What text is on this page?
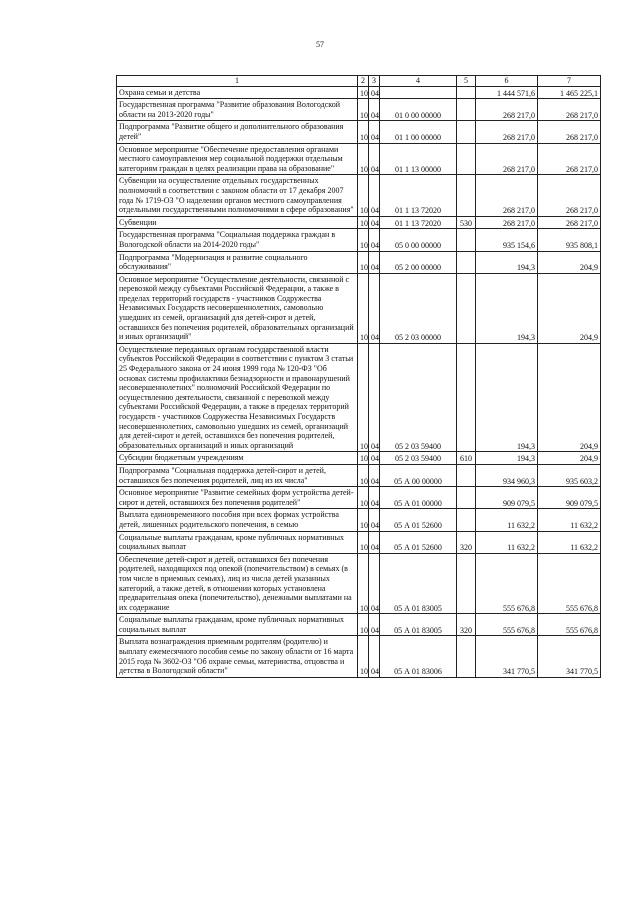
57
1	2	3	4	5	6	7
Охрана семьи и детства	10	04			1 444 571,6	1 465 225,1
Государственная программа "Развитие образования Вологодской области на 2013-2020 годы"	10	04	01 0 00 00000		268 217,0	268 217,0
Подпрограмма "Развитие общего и дополнительного образования детей"	10	04	01 1 00 00000		268 217,0	268 217,0
Основное мероприятие "Обеспечение предоставления органами местного самоуправления мер социальной поддержки отдельным категориям граждан в целях реализации права на образование"	10	04	01 1 13 00000		268 217,0	268 217,0
Субвенции на осуществление отдельных государственных полномочий в соответствии с законом области от 17 декабря 2007 года № 1719-ОЗ "О наделении органов местного самоуправления отдельными государственными полномочиями в сфере образования"	10	04	01 1 13 72020		268 217,0	268 217,0
Субвенции	10	04	01 1 13 72020	530	268 217,0	268 217,0
Государственная программа "Социальная поддержка граждан в Вологодской области на 2014-2020 годы"	10	04	05 0 00 00000		935 154,6	935 808,1
Подпрограмма "Модернизация и развитие социального обслуживания"	10	04	05 2 00 00000		194,3	204,9
Основное мероприятие "Осуществление деятельности, связанной с перевозкой между субъектами Российской Федерации, а также в пределах территорий государств - участников Содружества Независимых Государств несовершеннолетних, самовольно ушедших из семей, организаций для детей-сирот и детей, оставшихся без попечения родителей, образовательных организаций и иных организаций"	10	04	05 2 03 00000		194,3	204,9
Осуществление переданных органам государственной власти субъектов Российской Федерации в соответствии с пунктом 3 статьи 25 Федерального закона от 24 июня 1999 года № 120-ФЗ "Об основах системы профилактики безнадзорности и правонарушений несовершеннолетних" полномочий Российской Федерации по осуществлению деятельности, связанной с перевозкой между субъектами Российской Федерации, а также в пределах территорий государств - участников Содружества Независимых Государств несовершеннолетних, самовольно ушедших из семей, организаций для детей-сирот и детей, оставшихся без попечения родителей, образовательных организаций и иных организаций	10	04	05 2 03 59400		194,3	204,9
Субсидии бюджетным учреждениям	10	04	05 2 03 59400	610	194,3	204,9
Подпрограмма "Социальная поддержка детей-сирот и детей, оставшихся без попечения родителей, лиц из их числа"	10	04	05 А 00 00000		934 960,3	935 603,2
Основное мероприятие "Развитие семейных форм устройства детей-сирот и детей, оставшихся без попечения родителей"	10	04	05 А 01 00000		909 079,5	909 079,5
Выплата единовременного пособия при всех формах устройства детей, лишенных родительского попечения, в семью	10	04	05 А 01 52600		11 632,2	11 632,2
Социальные выплаты гражданам, кроме публичных нормативных социальных выплат	10	04	05 А 01 52600	320	11 632,2	11 632,2
Обеспечение детей-сирот и детей, оставшихся без попечения родителей, находящихся под опекой (попечительством) в семьях (в том числе в приемных семьях), лиц из числа детей указанных категорий, а также детей, в отношении которых установлена предварительная опека (попечительство), денежными выплатами на их содержание	10	04	05 А 01 83005		555 676,8	555 676,8
Социальные выплаты гражданам, кроме публичных нормативных социальных выплат	10	04	05 А 01 83005	320	555 676,8	555 676,8
Выплата вознаграждения приемным родителям (родителю) и выплату ежемесячного пособия семье по закону области от 16 марта 2015 года № 3602-ОЗ "Об охране семьи, материнства, отцовства и детства в Вологодской области"	10	04	05 А 01 83006		341 770,5	341 770,5
